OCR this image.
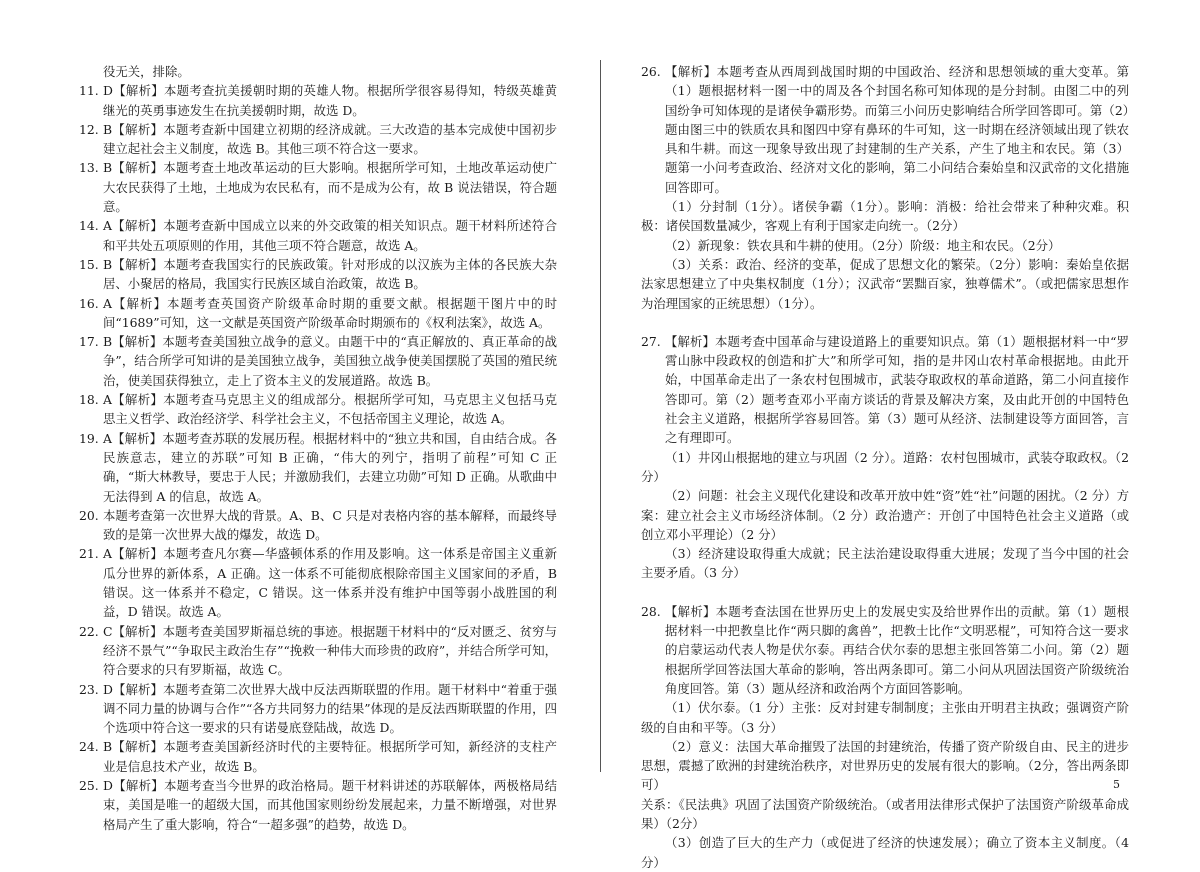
役无关，排除。
11. D【解析】本题考查抗美援朝时期的英雄人物。根据所学很容易得知，特级英雄黄继光的英勇事迹发生在抗美援朝时期，故选 D。
12. B【解析】本题考查新中国建立初期的经济成就。三大改造的基本完成使中国初步建立起社会主义制度，故选 B。其他三项不符合这一要求。
13. B【解析】本题考查土地改革运动的巨大影响。根据所学可知，土地改革运动使广大农民获得了土地，土地成为农民私有，而不是成为公有，故 B 说法错误，符合题意。
14. A【解析】本题考查新中国成立以来的外交政策的相关知识点。题干材料所述符合和平共处五项原则的作用，其他三项不符合题意，故选 A。
15. B【解析】本题考查我国实行的民族政策。针对形成的以汉族为主体的各民族大杂居、小聚居的格局，我国实行民族区域自治政策，故选 B。
16. A【解析】本题考查英国资产阶级革命时期的重要文献。根据题干图片中的时间“1689”可知，这一文献是英国资产阶级革命时期颁布的《权利法案》，故选 A。
17. B【解析】本题考查美国独立战争的意义。由题干中的“真正解放的、真正革命的战争”，结合所学可知讲的是美国独立战争，美国独立战争使美国摆脱了英国的殖民统治，使美国获得独立，走上了资本主义的发展道路。故选 B。
18. A【解析】本题考查马克思主义的组成部分。根据所学可知，马克思主义包括马克思主义哲学、政治经济学、科学社会主义，不包括帝国主义理论，故选 A。
19. A【解析】本题考查苏联的发展历程。根据材料中的“独立共和国，自由结合成。各民族意志，建立的苏联”可知 B 正确，“伟大的列宁，指明了前程”可知 C 正确，“斯大林教导，要忠于人民；并激励我们，去建立功勋”可知 D 正确。从歌曲中无法得到 A 的信息，故选 A。
20. 本题考查第一次世界大战的背景。A、B、C 只是对表格内容的基本解释，而最终导致的是第一次世界大战的爆发，故选 D。
21. A【解析】本题考查凡尔赛—华盛顿体系的作用及影响。这一体系是帝国主义重新瓜分世界的新体系，A 正确。这一体系不可能彻底根除帝国主义国家间的矛盾，B 错误。这一体系并不稳定，C 错误。这一体系并没有维护中国等弱小战胜国的利益，D 错误。故选 A。
22. C【解析】本题考查美国罗斯福总统的事迹。根据题干材料中的“反对匮乏、贫穷与经济不景气”“争取民主政治生存”“挽救一种伟大而珍贵的政府”，并结合所学可知，符合要求的只有罗斯福，故选 C。
23. D【解析】本题考查第二次世界大战中反法西斯联盟的作用。题干材料中“着重于强调不同力量的协调与合作”“各方共同努力的结果”体现的是反法西斯联盟的作用，四个选项中符合这一要求的只有诺曼底登陆战，故选 D。
24. B【解析】本题考查美国新经济时代的主要特征。根据所学可知，新经济的支柱产业是信息技术产业，故选 B。
25. D【解析】本题考查当今世界的政治格局。题干材料讲述的苏联解体，两极格局结束，美国是唯一的超级大国，而其他国家则纷纷发展起来，力量不断增强，对世界格局产生了重大影响，符合“一超多强”的趋势，故选 D。
26. 【解析】本题考查从西周到战国时期的中国政治、经济和思想领域的重大变革。第（1）题根据材料一图一中的周及各个封国名称可知体现的是分封制。由图二中的列国纷争可知体现的是诸侯争霸形势。而第三小问历史影响结合所学回答即可。第（2）题由图三中的铁质农具和图四中穿有鼻环的牛可知，这一时期在经济领域出现了铁农具和牛耕。而这一现象导致出现了封建制的生产关系，产生了地主和农民。第（3）题第一小问考查政治、经济对文化的影响，第二小问结合秦始皇和汉武帝的文化措施回答即可。
（1）分封制（1分）。诸侯争霸（1分）。影响：消极：给社会带来了种种灾难。积极：诸侯国数量减少，客观上有利于国家走向统一。（2分）
（2）新现象：铁农具和牛耕的使用。（2分）阶级：地主和农民。（2分）
（3）关系：政治、经济的变革，促成了思想文化的繁荣。（2分）影响：秦始皇依据法家思想建立了中央集权制度（1分）；汉武帝“罢黜百家，独尊儒术”。（或把儒家思想作为治理国家的正统思想）（1分）。
27. 【解析】本题考查中国革命与建设道路上的重要知识点。第（1）题根据材料一中“罗霄山脉中段政权的创造和扩大”和所学可知，指的是井冈山农村革命根据地。由此开始，中国革命走出了一条农村包围城市，武装夺取政权的革命道路，第二小问直接作答即可。第（2）题考查邓小平南方谈话的背景及解决方案，及由此开创的中国特色社会主义道路，根据所学容易回答。第（3）题可从经济、法制建设等方面回答，言之有理即可。
（1）井冈山根据地的建立与巩固（2 分）。道路：农村包围城市，武装夺取政权。（2 分）
（2）问题：社会主义现代化建设和改革开放中姓“资”姓“社”问题的困扰。（2 分）方案：建立社会主义市场经济体制。（2 分）政治遗产：开创了中国特色社会主义道路（或创立邓小平理论）（2 分）
（3）经济建设取得重大成就；民主法治建设取得重大进展；发现了当今中国的社会主要矛盾。（3 分）
28. 【解析】本题考查法国在世界历史上的发展史实及给世界作出的贡献。第（1）题根据材料一中把教皇比作“两只脚的禽兽”，把教士比作“文明恶棍”，可知符合这一要求的启蒙运动代表人物是伏尔泰。再结合伏尔泰的思想主张回答第二小问。第（2）题根据所学回答法国大革命的影响，答出两条即可。第二小问从巩固法国资产阶级统治角度回答。第（3）题从经济和政治两个方面回答影响。
（1）伏尔泰。（1 分）主张：反对封建专制制度；主张由开明君主执政；强调资产阶级的自由和平等。（3 分）
（2）意义：法国大革命摧毁了法国的封建统治，传播了资产阶级自由、民主的进步思想，震撼了欧洲的封建统治秩序，对世界历史的发展有很大的影响。（2分，答出两条即可）
关系：《民法典》巩固了法国资产阶级统治。（或者用法律形式保护了法国资产阶级革命成果）（2分）
（3）创造了巨大的生产力（或促进了经济的快速发展）；确立了资本主义制度。（4 分）
5
